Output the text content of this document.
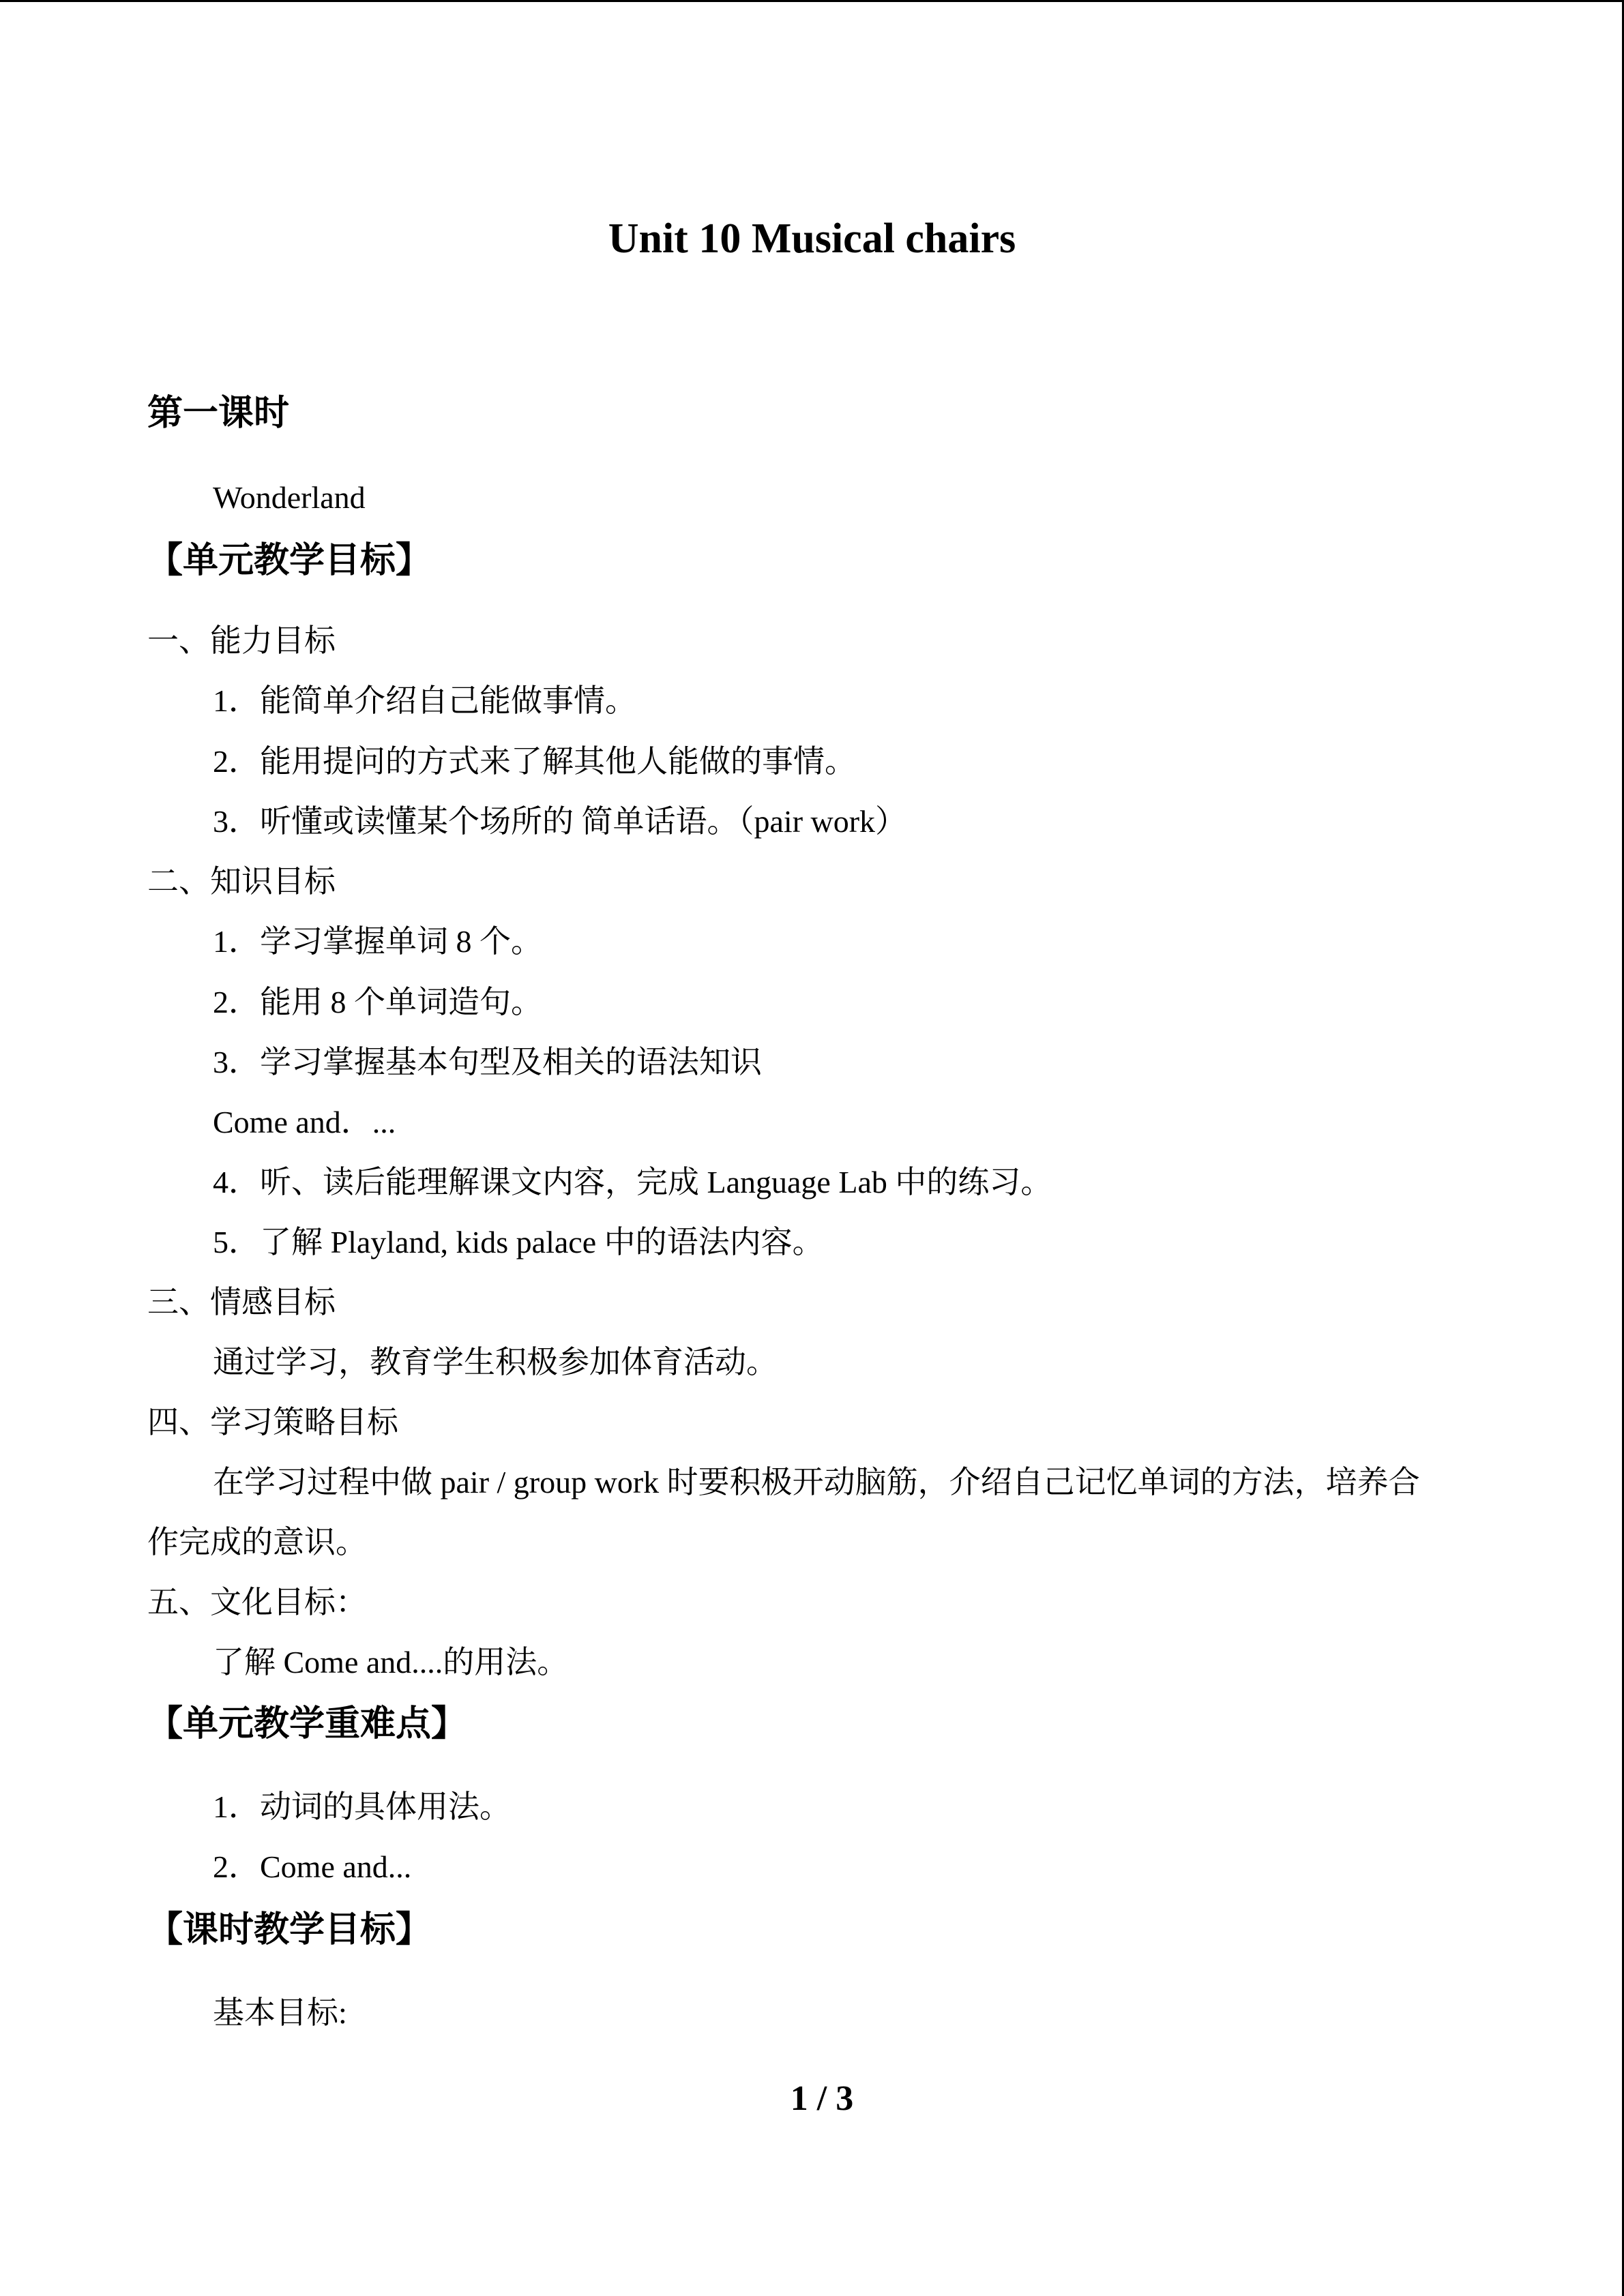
Unit 10 Musical chairs
第一课时
Wonderland
【单元教学目标】
一、能力目标
1．能简单介绍自己能做事情。
2．能用提问的方式来了解其他人能做的事情。
3．听懂或读懂某个场所的 简单话语。（pair work）
二、知识目标
1．学习掌握单词 8 个。
2．能用 8 个单词造句。
3．学习掌握基本句型及相关的语法知识
Come and．...
4．听、读后能理解课文内容，完成 Language Lab 中的练习。
5．了解 Playland, kids palace 中的语法内容。
三、情感目标
通过学习，教育学生积极参加体育活动。
四、学习策略目标
在学习过程中做 pair / group work 时要积极开动脑筋，介绍自己记忆单词的方法，培养合
作完成的意识。
五、文化目标：
了解 Come and....的用法。
【单元教学重难点】
1．动词的具体用法。
2．Come and...
【课时教学目标】
基本目标:
1 / 3
